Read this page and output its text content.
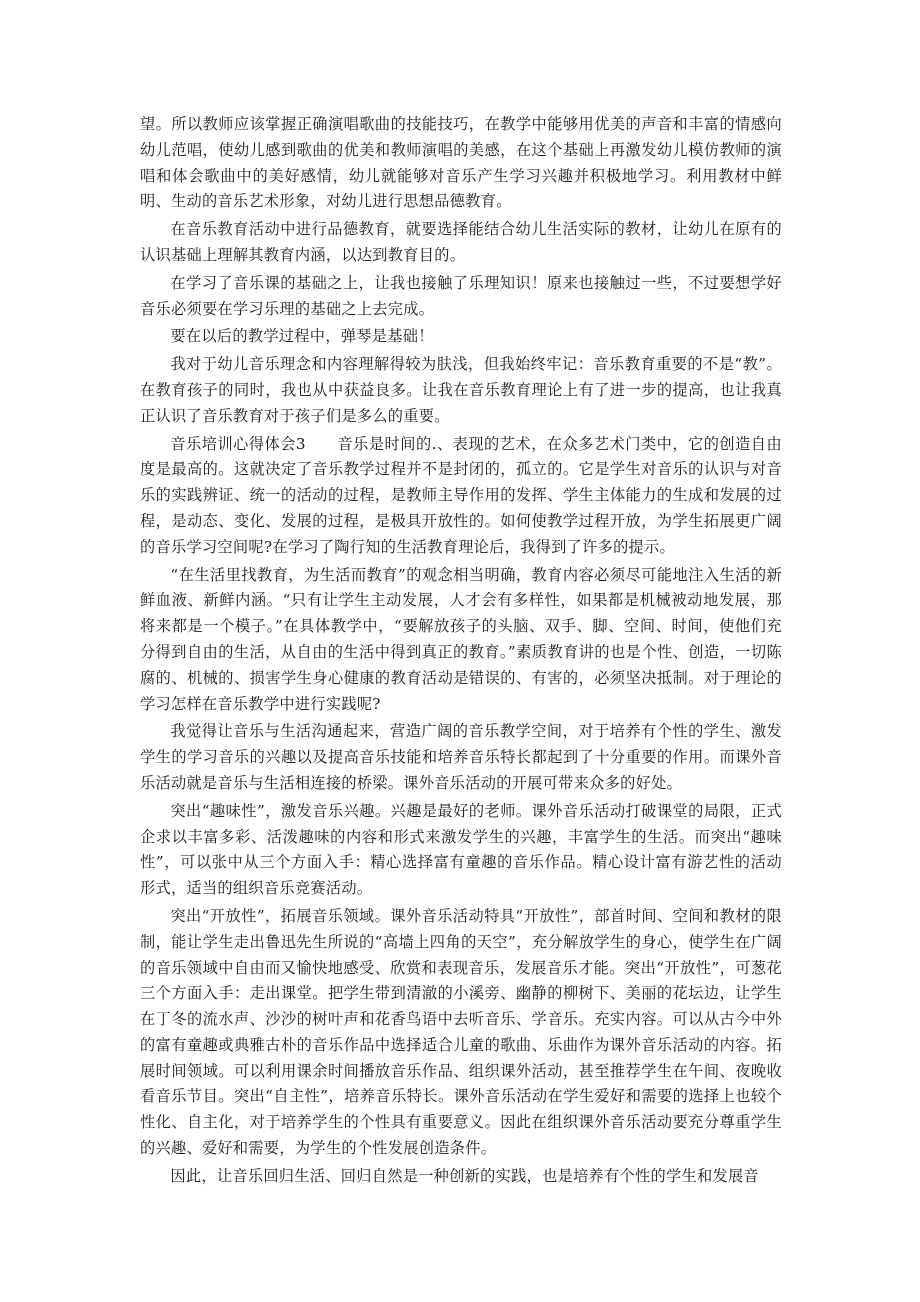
望。所以教师应该掌握正确演唱歌曲的技能技巧，在教学中能够用优美的声音和丰富的情感向幼儿范唱，使幼儿感到歌曲的优美和教师演唱的美感，在这个基础上再激发幼儿模仿教师的演唱和体会歌曲中的美好感情，幼儿就能够对音乐产生学习兴趣并积极地学习。利用教材中鲜明、生动的音乐艺术形象，对幼儿进行思想品德教育。

在音乐教育活动中进行品德教育，就要选择能结合幼儿生活实际的教材，让幼儿在原有的认识基础上理解其教育内涵，以达到教育目的。

在学习了音乐课的基础之上，让我也接触了乐理知识！原来也接触过一些，不过要想学好音乐必须要在学习乐理的基础之上去完成。

要在以后的教学过程中，弹琴是基础！

我对于幼儿音乐理念和内容理解得较为肤浅，但我始终牢记：音乐教育重要的不是“教”。在教育孩子的同时，我也从中获益良多。让我在音乐教育理论上有了进一步的提高，也让我真正认识了音乐教育对于孩子们是多么的重要。

音乐培训心得体会3　　音乐是时间的.、表现的艺术，在众多艺术门类中，它的创造自由度是最高的。这就决定了音乐教学过程并不是封闭的，孤立的。它是学生对音乐的认识与对音乐的实践辨证、统一的活动的过程，是教师主导作用的发挥、学生主体能力的生成和发展的过程，是动态、变化、发展的过程，是极具开放性的。如何使教学过程开放，为学生拓展更广阔的音乐学习空间呢?在学习了陶行知的生活教育理论后，我得到了许多的提示。

“在生活里找教育，为生活而教育”的观念相当明确，教育内容必须尽可能地注入生活的新鲜血液、新鲜内涵。“只有让学生主动发展，人才会有多样性，如果都是机械被动地发展，那将来都是一个模子。”在具体教学中，“要解放孩子的头脑、双手、脚、空间、时间，使他们充分得到自由的生活，从自由的生活中得到真正的教育。”素质教育讲的也是个性、创造，一切陈腐的、机械的、损害学生身心健康的教育活动是错误的、有害的，必须坚决抵制。对于理论的学习怎样在音乐教学中进行实践呢?

我觉得让音乐与生活沟通起来，营造广阔的音乐教学空间，对于培养有个性的学生、激发学生的学习音乐的兴趣以及提高音乐技能和培养音乐特长都起到了十分重要的作用。而课外音乐活动就是音乐与生活相连接的桥梁。课外音乐活动的开展可带来众多的好处。

突出“趣味性”，激发音乐兴趣。兴趣是最好的老师。课外音乐活动打破课堂的局限，正式企求以丰富多彩、活泼趣味的内容和形式来激发学生的兴趣，丰富学生的生活。而突出“趣味性”，可以张中从三个方面入手：精心选择富有童趣的音乐作品。精心设计富有游艺性的活动形式，适当的组织音乐竞赛活动。

突出“开放性”，拓展音乐领域。课外音乐活动特具“开放性”，部首时间、空间和教材的限制，能让学生走出鲁迅先生所说的“高墙上四角的天空”，充分解放学生的身心，使学生在广阔的音乐领域中自由而又愉快地感受、欣赏和表现音乐，发展音乐才能。突出“开放性”，可葱花三个方面入手：走出课堂。把学生带到清澈的小溪旁、幽静的柳树下、美丽的花坛边，让学生在丁冬的流水声、沙沙的树叶声和花香鸟语中去听音乐、学音乐。充实内容。可以从古今中外的富有童趣或典雅古朴的音乐作品中选择适合儿童的歌曲、乐曲作为课外音乐活动的内容。拓展时间领域。可以利用课余时间播放音乐作品、组织课外活动，甚至推荐学生在午间、夜晚收看音乐节目。突出“自主性”，培养音乐特长。课外音乐活动在学生爱好和需要的选择上也较个性化、自主化，对于培养学生的个性具有重要意义。因此在组织课外音乐活动要充分尊重学生的兴趣、爱好和需要，为学生的个性发展创造条件。

因此，让音乐回归生活、回归自然是一种创新的实践，也是培养有个性的学生和发展音
